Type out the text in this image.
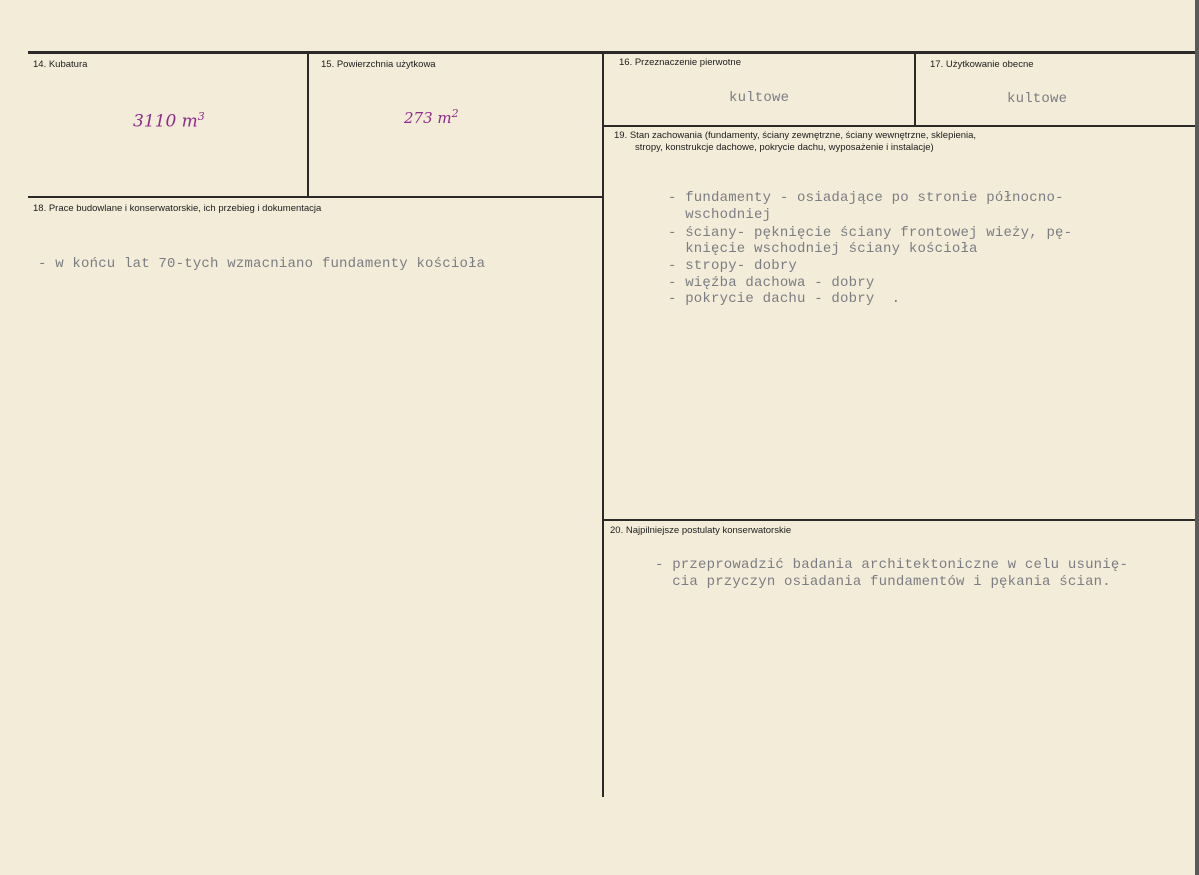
14. Kubatura
3110 $m^3$
15. Powierzchnia użytkowa
273 $m^2$
16. Przeznaczenie pierwotne
kultowe
17. Użytkowanie obecne
kultowe
18. Prace budowlane i konserwatorskie, ich przebieg i dokumentacja
- w końcu lat 70-tych wzmacniano fundamenty kościoła
19. Stan zachowania (fundamenty, ściany zewnętrzne, ściany wewnętrzne, sklepienia,
stropy, konstrukcje dachowe, pokrycie dachu, wyposażenie i instalacje)
- fundamenty - osiadające po stronie północno-
wschodniej
- ściany- pęknięcie ściany frontowej wieży, pę-
knięcie wschodniej ściany kościoła
- stropy- dobry
- więźba dachowa - dobry
- pokrycie dachu - dobry  .
20. Najpilniejsze postulaty konserwatorskie
- przeprowadzić badania architektoniczne w celu usunię-
cia przyczyn osiadania fundamentów i pękania ścian.
